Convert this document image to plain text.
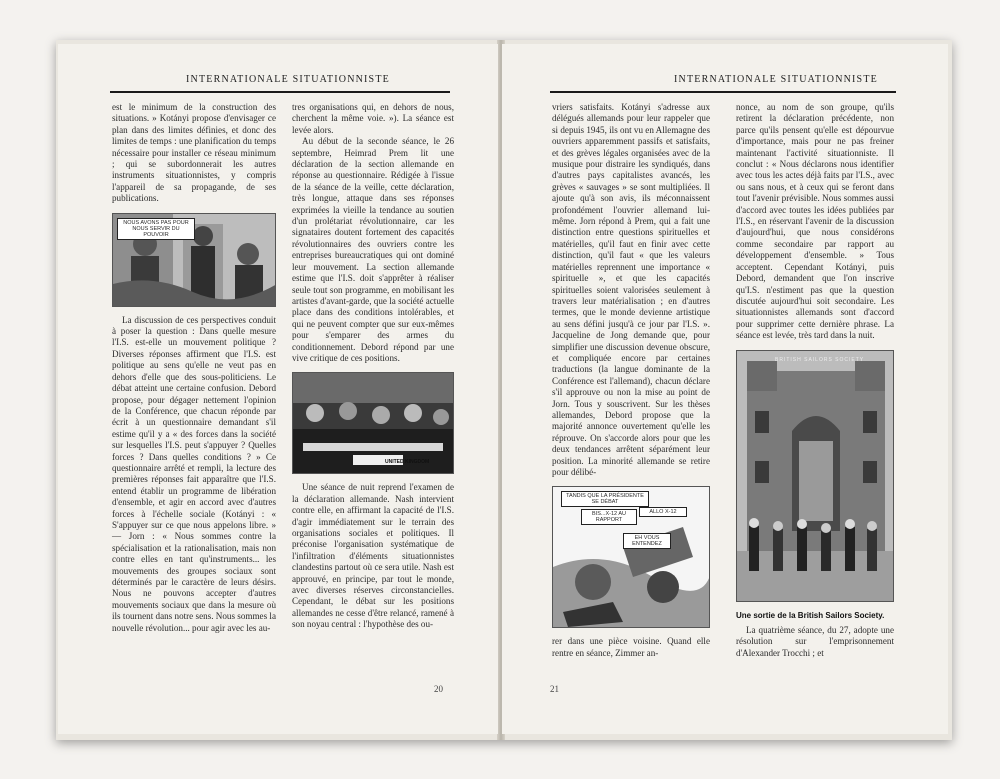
INTERNATIONALE SITUATIONNISTE

est le minimum de la construction des situations. » Kotányi propose d'envisager ce plan dans des limites définies, et donc des limites de temps : une planification du temps nécessaire pour installer ce réseau minimum ; qui se subordonnerait les autres instruments situationnistes, y compris l'appareil de sa propagande, de ses publications.

NOUS AVONS PAS POUR NOUS SERVIR DU POUVOIR

La discussion de ces perspectives conduit à poser la question : Dans quelle mesure l'I.S. est-elle un mouvement politique ? Diverses réponses affirment que l'I.S. est politique au sens qu'elle ne veut pas en dehors d'elle que des sous-politiciens. Le débat atteint une certaine confusion. Debord propose, pour dégager nettement l'opinion de la Conférence, que chacun réponde par écrit à un questionnaire demandant s'il estime qu'il y a « des forces dans la société sur lesquelles l'I.S. peut s'appuyer ? Quelles forces ? Dans quelles conditions ? » Ce questionnaire arrêté et rempli, la lecture des premières réponses fait apparaître que l'I.S. entend établir un programme de libération d'ensemble, et agir en accord avec d'autres forces à l'échelle sociale (Kotányi : « S'appuyer sur ce que nous appelons libre. » — Jorn : « Nous sommes contre la spécialisation et la rationalisation, mais non contre elles en tant qu'instruments... les mouvements des groupes sociaux sont déterminés par le caractère de leurs désirs. Nous ne pouvons accepter d'autres mouvements sociaux que dans la mesure où ils tournent dans notre sens. Nous sommes la nouvelle révolution... pour agir avec les au-

tres organisations qui, en dehors de nous, cherchent la même voie. »). La séance est levée alors.

Au début de la seconde séance, le 26 septembre, Heimrad Prem lit une déclaration de la section allemande en réponse au questionnaire. Rédigée à l'issue de la séance de la veille, cette déclaration, très longue, attaque dans ses réponses exprimées la vieille la tendance au soutien d'un prolétariat révolutionnaire, car les signataires doutent fortement des capacités révolutionnaires des ouvriers contre les entreprises bureaucratiques qui ont dominé leur mouvement. La section allemande estime que l'I.S. doit s'apprêter à réaliser seule tout son programme, en mobilisant les artistes d'avant-garde, que la société actuelle place dans des conditions intolérables, et qui ne peuvent compter que sur eux-mêmes pour s'emparer des armes du conditionnement. Debord répond par une vive critique de ces positions.

UNITED KINGDOM

Une séance de nuit reprend l'examen de la déclaration allemande. Nash intervient contre elle, en affirmant la capacité de l'I.S. d'agir immédiatement sur le terrain des organisations sociales et politiques. Il préconise l'organisation systématique de l'infiltration d'éléments situationnistes clandestins partout où ce sera utile. Nash est approuvé, en principe, par tout le monde, avec diverses réserves circonstancielles. Cependant, le débat sur les positions allemandes ne cesse d'être relancé, ramené à son noyau central : l'hypothèse des ou-

20
INTERNATIONALE SITUATIONNISTE

vriers satisfaits. Kotányi s'adresse aux délégués allemands pour leur rappeler que si depuis 1945, ils ont vu en Allemagne des ouvriers apparemment passifs et satisfaits, et des grèves légales organisées avec de la musique pour distraire les syndiqués, dans d'autres pays capitalistes avancés, les grèves « sauvages » se sont multipliées. Il ajoute qu'à son avis, ils méconnaissent profondément l'ouvrier allemand lui-même. Jorn répond à Prem, qui a fait une distinction entre questions spirituelles et matérielles, qu'il faut en finir avec cette distinction, qu'il faut « que les valeurs matérielles reprennent une importance « spirituelle », et que les capacités spirituelles soient valorisées seulement à travers leur matérialisation ; en d'autres termes, que le monde devienne artistique au sens défini jusqu'à ce jour par l'I.S. ». Jacqueline de Jong demande que, pour simplifier une discussion devenue obscure, et compliquée encore par certaines traductions (la langue dominante de la Conférence est l'allemand), chacun déclare s'il approuve ou non la mise au point de Jorn. Tous y souscrivent. Sur les thèses allemandes, Debord propose que la majorité annonce ouvertement qu'elle les réprouve. On s'accorde alors pour que les deux tendances arrêtent séparément leur position. La minorité allemande se retire pour délibé-

TANDIS QUE LA PRÉSIDENTE SE DÉBAT
BIS...X-12 AU RAPPORT
ALLO X-12
EH VOUS ENTENDEZ

rer dans une pièce voisine. Quand elle rentre en séance, Zimmer an-

nonce, au nom de son groupe, qu'ils retirent la déclaration précédente, non parce qu'ils pensent qu'elle est dépourvue d'importance, mais pour ne pas freiner maintenant l'activité situationniste. Il conclut : « Nous déclarons nous identifier avec tous les actes déjà faits par l'I.S., avec ou sans nous, et à ceux qui se feront dans tout l'avenir prévisible. Nous sommes aussi d'accord avec toutes les idées publiées par l'I.S., en réservant l'avenir de la discussion d'aujourd'hui, que nous considérons comme secondaire par rapport au développement d'ensemble. » Tous acceptent. Cependant Kotányi, puis Debord, demandent que l'on inscrive qu'I.S. n'estiment pas que la question discutée aujourd'hui soit secondaire. Les situationnistes allemands sont d'accord pour supprimer cette dernière phrase. La séance est levée, très tard dans la nuit.

BRITISH SAILORS SOCIETY
Une sortie de la British Sailors Society.

La quatrième séance, du 27, adopte une résolution sur l'emprisonnement d'Alexander Trocchi ; et

21
